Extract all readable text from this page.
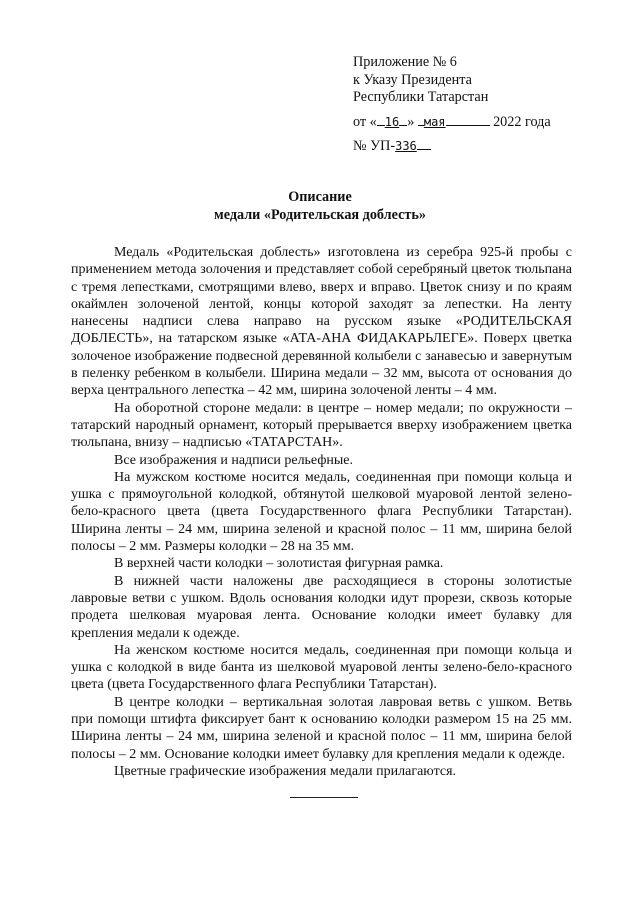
Приложение № 6
к Указу Президента
Республики Татарстан
от « 16 » мая	2022 года
№ УП-336
Описание
медали «Родительская доблесть»

Медаль «Родительская доблесть» изготовлена из серебра 925-й пробы с применением метода золочения и представляет собой серебряный цветок тюльпана с тремя лепестками, смотрящими влево, вверх и вправо. Цветок снизу и по краям окаймлен золоченой лентой, концы которой заходят за лепестки. На ленту нанесены надписи слева направо на русском языке «РОДИТЕЛЬСКАЯ ДОБЛЕСТЬ», на татарском языке «АТА-АНА ФИДАКАРЬЛЕГЕ». Поверх цветка золоченое изображение подвесной деревянной колыбели с занавесью и завернутым в пеленку ребенком в колыбели. Ширина медали – 32 мм, высота от основания до верха центрального лепестка – 42 мм, ширина золоченой ленты – 4 мм.

На оборотной стороне медали: в центре – номер медали; по окружности – татарский народный орнамент, который прерывается вверху изображением цветка тюльпана, внизу – надписью «ТАТАРСТАН».

Все изображения и надписи рельефные.

На мужском костюме носится медаль, соединенная при помощи кольца и ушка с прямоугольной колодкой, обтянутой шелковой муаровой лентой зелено-бело-красного цвета (цвета Государственного флага Республики Татарстан). Ширина ленты – 24 мм, ширина зеленой и красной полос – 11 мм, ширина белой полосы – 2 мм. Размеры колодки – 28 на 35 мм.

В верхней части колодки – золотистая фигурная рамка.

В нижней части наложены две расходящиеся в стороны золотистые лавровые ветви с ушком. Вдоль основания колодки идут прорези, сквозь которые продета шелковая муаровая лента. Основание колодки имеет булавку для крепления медали к одежде.

На женском костюме носится медаль, соединенная при помощи кольца и ушка с колодкой в виде банта из шелковой муаровой ленты зелено-бело-красного цвета (цвета Государственного флага Республики Татарстан).

В центре колодки – вертикальная золотая лавровая ветвь с ушком. Ветвь при помощи штифта фиксирует бант к основанию колодки размером 15 на 25 мм. Ширина ленты – 24 мм, ширина зеленой и красной полос – 11 мм, ширина белой полосы – 2 мм. Основание колодки имеет булавку для крепления медали к одежде.

Цветные графические изображения медали прилагаются.
